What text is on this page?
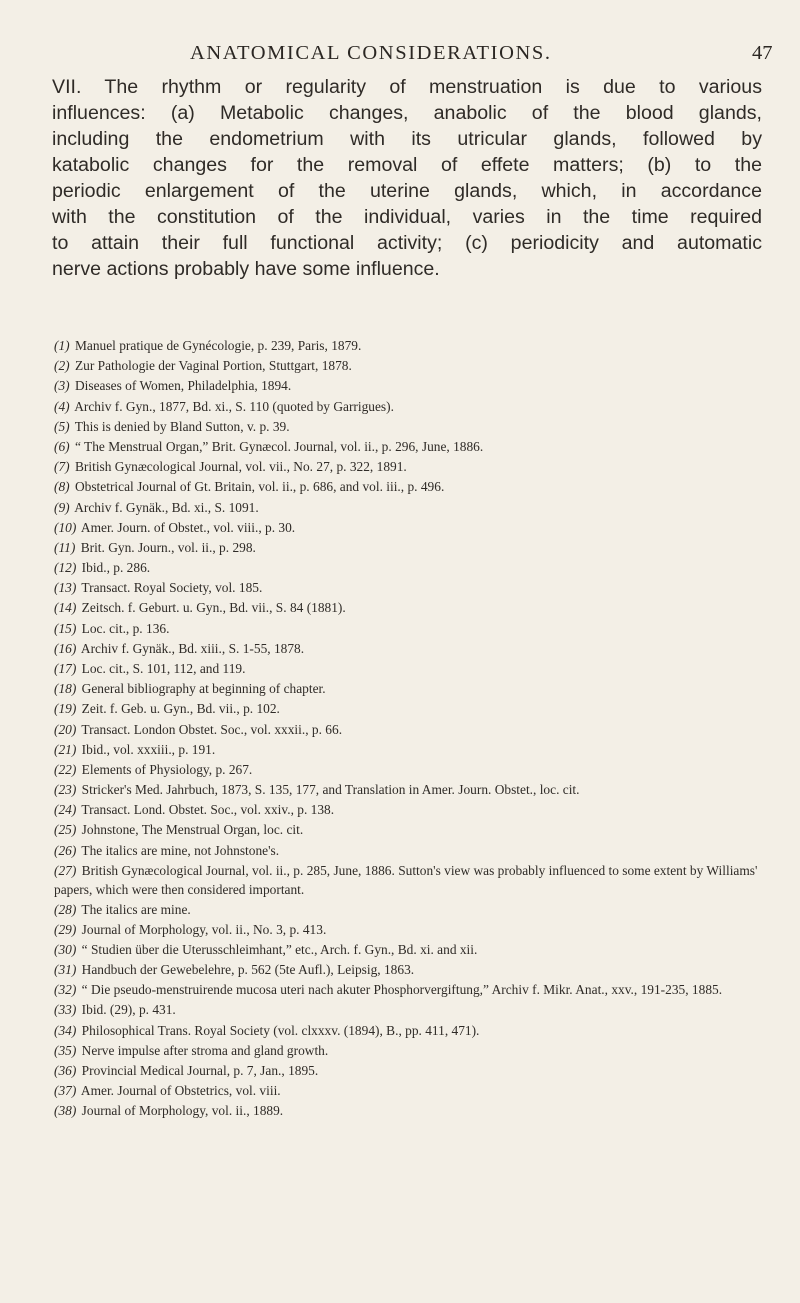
ANATOMICAL CONSIDERATIONS.	47
VII. The rhythm or regularity of menstruation is due to various
influences: (a) Metabolic changes, anabolic of the blood glands,
including the endometrium with its utricular glands, followed by
katabolic changes for the removal of effete matters; (b) to the
periodic enlargement of the uterine glands, which, in accordance
with the constitution of the individual, varies in the time required
to attain their full functional activity; (c) periodicity and automatic
nerve actions probably have some influence.
(1) Manuel pratique de Gynécologie, p. 239, Paris, 1879.
(2) Zur Pathologie der Vaginal Portion, Stuttgart, 1878.
(3) Diseases of Women, Philadelphia, 1894.
(4) Archiv f. Gyn., 1877, Bd. xi., S. 110 (quoted by Garrigues).
(5) This is denied by Bland Sutton, v. p. 39.
(6) “ The Menstrual Organ,” Brit. Gynæcol. Journal, vol. ii., p. 296, June, 1886.
(7) British Gynæcological Journal, vol. vii., No. 27, p. 322, 1891.
(8) Obstetrical Journal of Gt. Britain, vol. ii., p. 686, and vol. iii., p. 496.
(9) Archiv f. Gynäk., Bd. xi., S. 1091.
(10) Amer. Journ. of Obstet., vol. viii., p. 30.
(11) Brit. Gyn. Journ., vol. ii., p. 298.
(12) Ibid., p. 286.
(13) Transact. Royal Society, vol. 185.
(14) Zeitsch. f. Geburt. u. Gyn., Bd. vii., S. 84 (1881).
(15) Loc. cit., p. 136.
(16) Archiv f. Gynäk., Bd. xiii., S. 1-55, 1878.
(17) Loc. cit., S. 101, 112, and 119.
(18) General bibliography at beginning of chapter.
(19) Zeit. f. Geb. u. Gyn., Bd. vii., p. 102.
(20) Transact. London Obstet. Soc., vol. xxxii., p. 66.
(21) Ibid., vol. xxxiii., p. 191.
(22) Elements of Physiology, p. 267.
(23) Stricker's Med. Jahrbuch, 1873, S. 135, 177, and Translation in Amer. Journ. Obstet., loc. cit.
(24) Transact. Lond. Obstet. Soc., vol. xxiv., p. 138.
(25) Johnstone, The Menstrual Organ, loc. cit.
(26) The italics are mine, not Johnstone's.
(27) British Gynæcological Journal, vol. ii., p. 285, June, 1886. Sutton's view was probably influenced to some extent by Williams' papers, which were then considered important.
(28) The italics are mine.
(29) Journal of Morphology, vol. ii., No. 3, p. 413.
(30) “ Studien über die Uterusschleimhant,” etc., Arch. f. Gyn., Bd. xi. and xii.
(31) Handbuch der Gewebelehre, p. 562 (5te Aufl.), Leipsig, 1863.
(32) “ Die pseudo-menstruirende mucosa uteri nach akuter Phosphorvergiftung,” Archiv f. Mikr. Anat., xxv., 191-235, 1885.
(33) Ibid. (29), p. 431.
(34) Philosophical Trans. Royal Society (vol. clxxxv. (1894), B., pp. 411, 471).
(35) Nerve impulse after stroma and gland growth.
(36) Provincial Medical Journal, p. 7, Jan., 1895.
(37) Amer. Journal of Obstetrics, vol. viii.
(38) Journal of Morphology, vol. ii., 1889.
